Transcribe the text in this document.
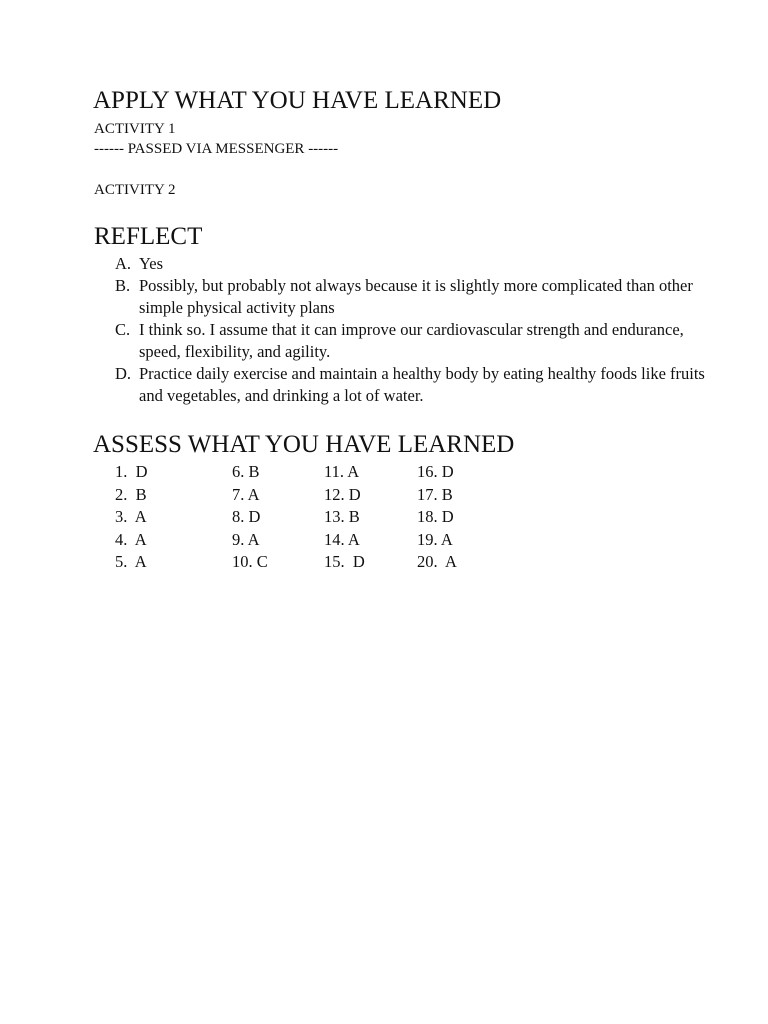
APPLY WHAT YOU HAVE LEARNED
ACTIVITY 1
------ PASSED VIA MESSENGER ------
ACTIVITY 2
REFLECT
A. Yes
B. Possibly, but probably not always because it is slightly more complicated than other simple physical activity plans
C. I think so. I assume that it can improve our cardiovascular strength and endurance, speed, flexibility, and agility.
D. Practice daily exercise and maintain a healthy body by eating healthy foods like fruits and vegetables, and drinking a lot of water.
ASSESS WHAT YOU HAVE LEARNED
1.  D
2.  B
3.  A
4.  A
5.  A
6. B
7. A
8. D
9. A
10. C
11. A
12. D
13. B
14. A
15.  D
16. D
17. B
18. D
19. A
20.  A
